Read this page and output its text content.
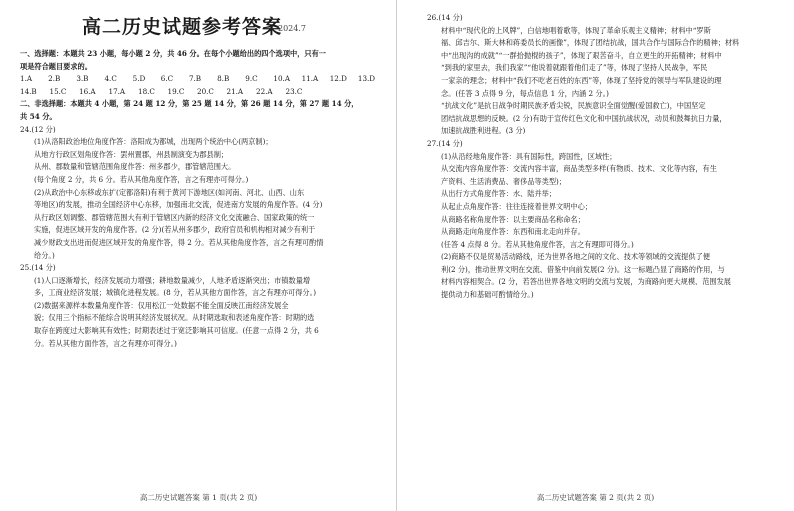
高二历史试题参考答案
2024.7
一、选择题：本题共 23 小题，每小题 2 分，共 46 分。在每个小题给出的四个选项中，只有一
项是符合题目要求的。
1.A	2.B	3.B	4.C	5.D	6.C	7.B	8.B	9.C	10.A	11.A	12.D	13.D
14.B	15.C	16.A	17.A	18.C	19.C	20.C	21.A	22.A	23.C
二、非选择题：本题共 4 小题，第 24 题 12 分，第 25 题 14 分，第 26 题 14 分，第 27 题 14 分，
共 54 分。
24.(12 分)
(1)从洛阳政治地位角度作答：洛阳成为都城，出现两个统治中心(两京制)；
从地方行政区划角度作答：罢州置郡，州县制演变为郡县制；
从州、郡数量和管辖范围角度作答：州多郡少，郡管辖范围大。
(每个角度 2 分，共 6 分。若从其他角度作答，言之有理亦可得分。)
(2)从政治中心东移或东扩(定都洛阳)有利于黄河下游地区(如河南、河北、山西、山东
等地区)的发展，推动全国经济中心东移，加强南北交流，促进南方发展的角度作答。(4 分)
从行政区划调整、郡管辖范围大有利于管辖区内新的经济文化交流融合、国家政策的统一
实施，促进区域开发的角度作答。(2 分)(若从州多郡少，政府官员和机构相对减少有利于
减少财政支出进而促进区域开发的角度作答，得 2 分。若从其他角度作答，言之有理可酌情
给分。)
25.(14 分)
(1)人口逐渐增长，经济发展动力增强；耕地数量减少，人地矛盾逐渐突出；市镇数量增
多，工商业经济发展；城镇化进程发展。(8 分，若从其他方面作答，言之有理亦可得分。)
(2)数据来源样本数量角度作答：仅用松江一处数据不能全面反映江南经济发展全
貌；仅用三个指标不能综合说明其经济发展状况。从时期选取和表述角度作答：时期的选
取存在跨度过大影响其有效性；时期表述过于宽泛影响其可信度。(任意一点得 2 分，共 6
分。若从其他方面作答，言之有理亦可得分。)
高二历史试题答案 第 1 页(共 2 页)
26.(14 分)
材料中“现代化的上风牌”，白信地唱着歌等，体现了革命乐观主义精神；材料中“罗斯
福、邱吉尔、斯大林和蒋委员长的画像”，体现了团结抗战，国共合作与国际合作的精神；材料
中“出现沟的成就”“一群拾抛棍的孩子”，体现了艰苦奋斗，自立更生的开拓精神；材料中
“到我的家里去，我们我家”“他说着就跟着他们走了”等，体现了坚持人民战争，军民
一家亲的理念；材料中“我们不吃老百姓的东西”等，体现了坚持党的领导与军队建设的理
念。(任答 3 点得 9 分，每点信息 1 分，内涵 2 分。)
“抗战文化”是抗日战争时期民族矛盾尖锐，民族意识全面觉醒(爱国救亡)，中国坚定
团结抗战思想的反映。(2 分)有助于宣传红色文化和中国抗战状况，动员和鼓舞抗日力量，
加速抗战胜利进程。(3 分)
27.(14 分)
(1)从沿经地角度作答：具有国际性，跨国性，区域性；
从交流内容角度作答：交流内容丰富，商品类型多样(有物质、技术、文化等内容，有生
产资料、生活消费品、奢侈品等类型)；
从出行方式角度作答：水、陆并举；
从起止点角度作答：往往连接着世界文明中心；
从商路名称角度作答：以主要商品名称命名；
从商路走向角度作答：东西和南北走向并存。
(任答 4 点得 8 分。若从其他角度作答，言之有理即可得分。)
(2)商路不仅是贸易活动路线，还为世界各地之间的文化、技术等领域的交流提供了便
利(2 分)，推动世界文明在交流、借鉴中向前发展(2 分)。这一标题凸显了商路的作用，与
材料内容相契合。(2 分，若答出世界各地文明的交流与发展，为商路向更大规模、范围发展
提供动力和基础可酌情给分。)
高二历史试题答案 第 2 页(共 2 页)
